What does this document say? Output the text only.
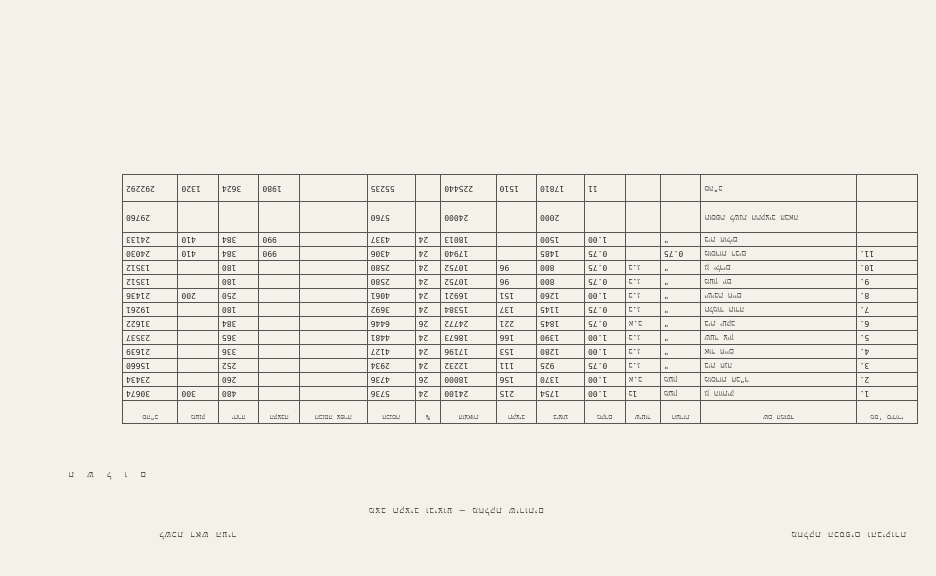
מצב תקציב וביצוע — מחלקת שירותים
מחלקת הכספים והביקורת
לשכת ראש העיר
ת ש ל ו ם
מס' סידורי	שם המוסד	הערות	שיעור	מקדם	ביצוע	תקציב	הוצאות	%	הכנסה	הכנסה צפויה	הקצבה	יתרה	מענק	סה"כ
1.	גן הוותיק	מעון	1ב	1.00	1754	215	24100	24	5736			480	300	30674
2.	מוסדות חב"ד	מעון	א.ב	1.00	1370	156	18000	26	4736			260		23434
3.	בית חנה	"	ב.ג	0.75	925	111	12232	24	2934			252		15660
4.	אור חיים	"	ב.ג	1.00	1280	153	17196	24	4127			336		21639
5.	שער ציון	"	ב.ג	1.00	1390	166	18673	24	4481			365		23537
6.	בית יעקב	"	א.ב	0.75	1845	221	24772	26	6446			384		31622
7.	תלמוד תורה	"	ב.ג	0.75	1145	137	15384	24	3692			180		19261
8.	ישיבת חיים	"	ב.ג	1.00	1260	151	16921	24	4061			250	200	21436
9.	מעון יום	"	ב.ג	0.75	800	96	10752	24	2580			180		13512
10.	גן ילדים	"	ב.ג	0.75	800	96	10752	24	2580			180		13512
11.	מוסדות רבים	0.75		0.75	1485		17940	24	4306		990	384	410	24030
	בית חולים	"		1.00	1500		18013	24	4337		990	384	410	24133
	תוספת לשנת התקציב הבאה				2000		24000		5760					29760
	סה"כ			11	17810	1510	225440		55235		1980	3624	1320	292292
